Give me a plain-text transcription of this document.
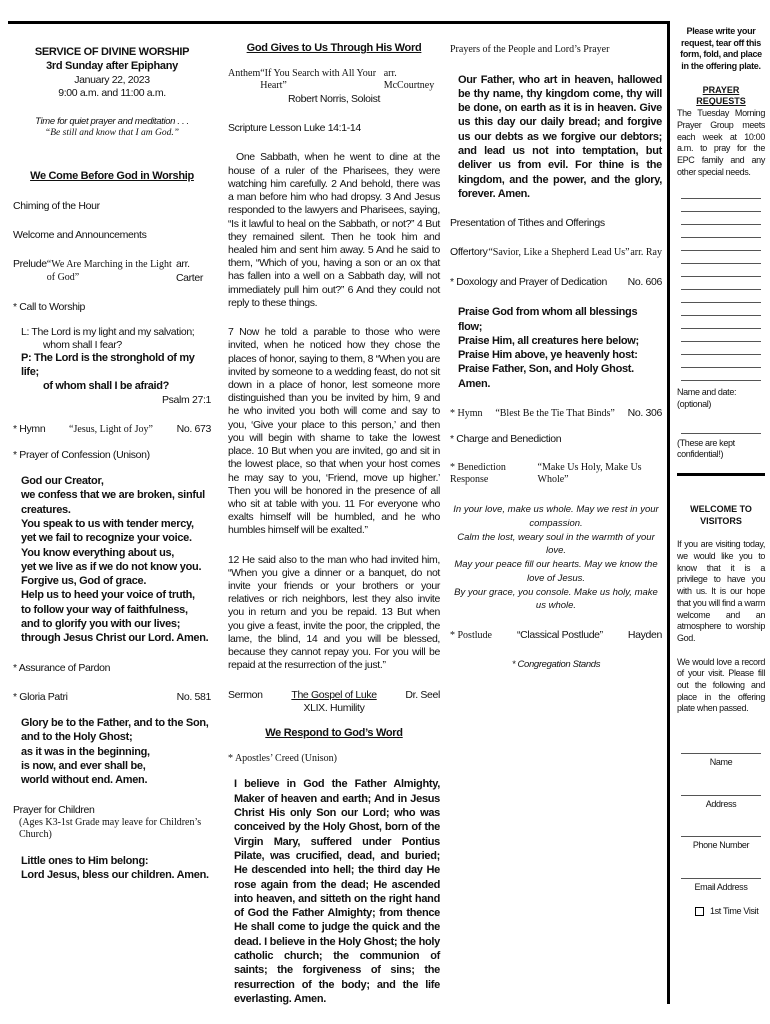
SERVICE OF DIVINE WORSHIP
3rd Sunday after Epiphany
January 22, 2023
9:00 a.m. and 11:00 a.m.
Time for quiet prayer and meditation . . .
“Be still and know that I am God.”
We Come Before God in Worship
Chiming of the Hour
Welcome and Announcements
Prelude “We Are Marching in the Light of God”
arr. Carter
* Call to Worship
L: The Lord is my light and my salvation;
whom shall I fear?
P: The Lord is the stronghold of my life;
of whom shall I be afraid?
Psalm 27:1
* Hymn “Jesus, Light of Joy” No. 673
* Prayer of Confession (Unison)
God our Creator,
we confess that we are broken, sinful creatures.
You speak to us with tender mercy,
yet we fail to recognize your voice.
You know everything about us,
yet we live as if we do not know you.
Forgive us, God of grace.
Help us to heed your voice of truth,
to follow your way of faithfulness,
and to glorify you with our lives;
through Jesus Christ our Lord. Amen.
* Assurance of Pardon
* Gloria Patri	No. 581
Glory be to the Father, and to the Son,
and to the Holy Ghost;
as it was in the beginning,
is now, and ever shall be,
world without end. Amen.
Prayer for Children
(Ages K3-1st Grade may leave for Children’s Church)
Little ones to Him belong:
Lord Jesus, bless our children. Amen.
God Gives to Us Through His Word
Anthem “If You Search with All Your Heart”
arr. McCourtney
Robert Norris, Soloist
Scripture Lesson Luke 14:1-14

One Sabbath, when he went to dine at the house of a ruler of the Pharisees, they were watching him carefully. 2 And behold, there was a man before him who had dropsy. 3 And Jesus responded to the lawyers and Pharisees, saying, “Is it lawful to heal on the Sabbath, or not?” 4 But they remained silent. Then he took him and healed him and sent him away. 5 And he said to them, “Which of you, having a son or an ox that has fallen into a well on a Sabbath day, will not immediately pull him out?” 6 And they could not reply to these things.

7 Now he told a parable to those who were invited, when he noticed how they chose the places of honor, saying to them, 8 “When you are invited by someone to a wedding feast, do not sit down in a place of honor, lest someone more distinguished than you be invited by him, 9 and he who invited you both will come and say to you, ‘Give your place to this person,’ and then you will begin with shame to take the lowest place. 10 But when you are invited, go and sit in the lowest place, so that when your host comes he may say to you, ‘Friend, move up higher.’ Then you will be honored in the presence of all who sit at table with you. 11 For everyone who exalts himself will be humbled, and he who humbles himself will be exalted.”

12 He said also to the man who had invited him, “When you give a dinner or a banquet, do not invite your friends or your brothers or your relatives or rich neighbors, lest they also invite you in return and you be repaid. 13 But when you give a feast, invite the poor, the crippled, the lame, the blind, 14 and you will be blessed, because they cannot repay you. For you will be repaid at the resurrection of the just.”

Sermon	The Gospel of Luke	Dr. Seel
XLIX. Humility
We Respond to God’s Word
* Apostles’ Creed (Unison)

I believe in God the Father Almighty, Maker of heaven and earth; And in Jesus Christ His only Son our Lord; who was conceived by the Holy Ghost, born of the Virgin Mary, suffered under Pontius Pilate, was crucified, dead, and buried; He descended into hell; the third day He rose again from the dead; He ascended into heaven, and sitteth on the right hand of God the Father Almighty; from thence He shall come to judge the quick and the dead. I believe in the Holy Ghost; the holy catholic church; the communion of saints; the forgiveness of sins; the resurrection of the body; and the life everlasting. Amen.

Prayers of the People and Lord’s Prayer

Our Father, who art in heaven, hallowed be thy name, thy kingdom come, thy will be done, on earth as it is in heaven. Give us this day our daily bread; and forgive us our debts as we forgive our debtors; and lead us not into temptation, but deliver us from evil. For thine is the kingdom, and the power, and the glory, forever. Amen.

Presentation of Tithes and Offerings
Offertory “Savior, Like a Shepherd Lead Us” arr. Ray
* Doxology and Prayer of Dedication No. 606
Praise God from whom all blessings flow;
Praise Him, all creatures here below;
Praise Him above, ye heavenly host:
Praise Father, Son, and Holy Ghost. Amen.
* Hymn “Blest Be the Tie That Binds” No. 306
* Charge and Benediction
* Benediction Response
“Make Us Holy, Make Us Whole”
In your love, make us whole. May we rest in your compassion.
Calm the lost, weary soul in the warmth of your love.
May your peace fill our hearts. May we know the love of Jesus.
By your grace, you console. Make us holy, make us whole.
* Postlude “Classical Postlude” Hayden
* Congregation Stands
Please write your request, tear off this form, fold, and place in the offering plate.
PRAYER REQUESTS

The Tuesday Morning Prayer Group meets each week at 10:00 a.m. to pray for the EPC family and any other special needs.

Name and date: (optional)
(These are kept confidential!)
WELCOME TO VISITORS

If you are visiting today, we would like you to know that it is a privilege to have you with us. It is our hope that you will find a warm welcome and an atmosphere to worship God.

We would love a record of your visit. Please fill out the following and place in the offering plate when passed.

Name
Address
Phone Number
Email Address
1st Time Visit
